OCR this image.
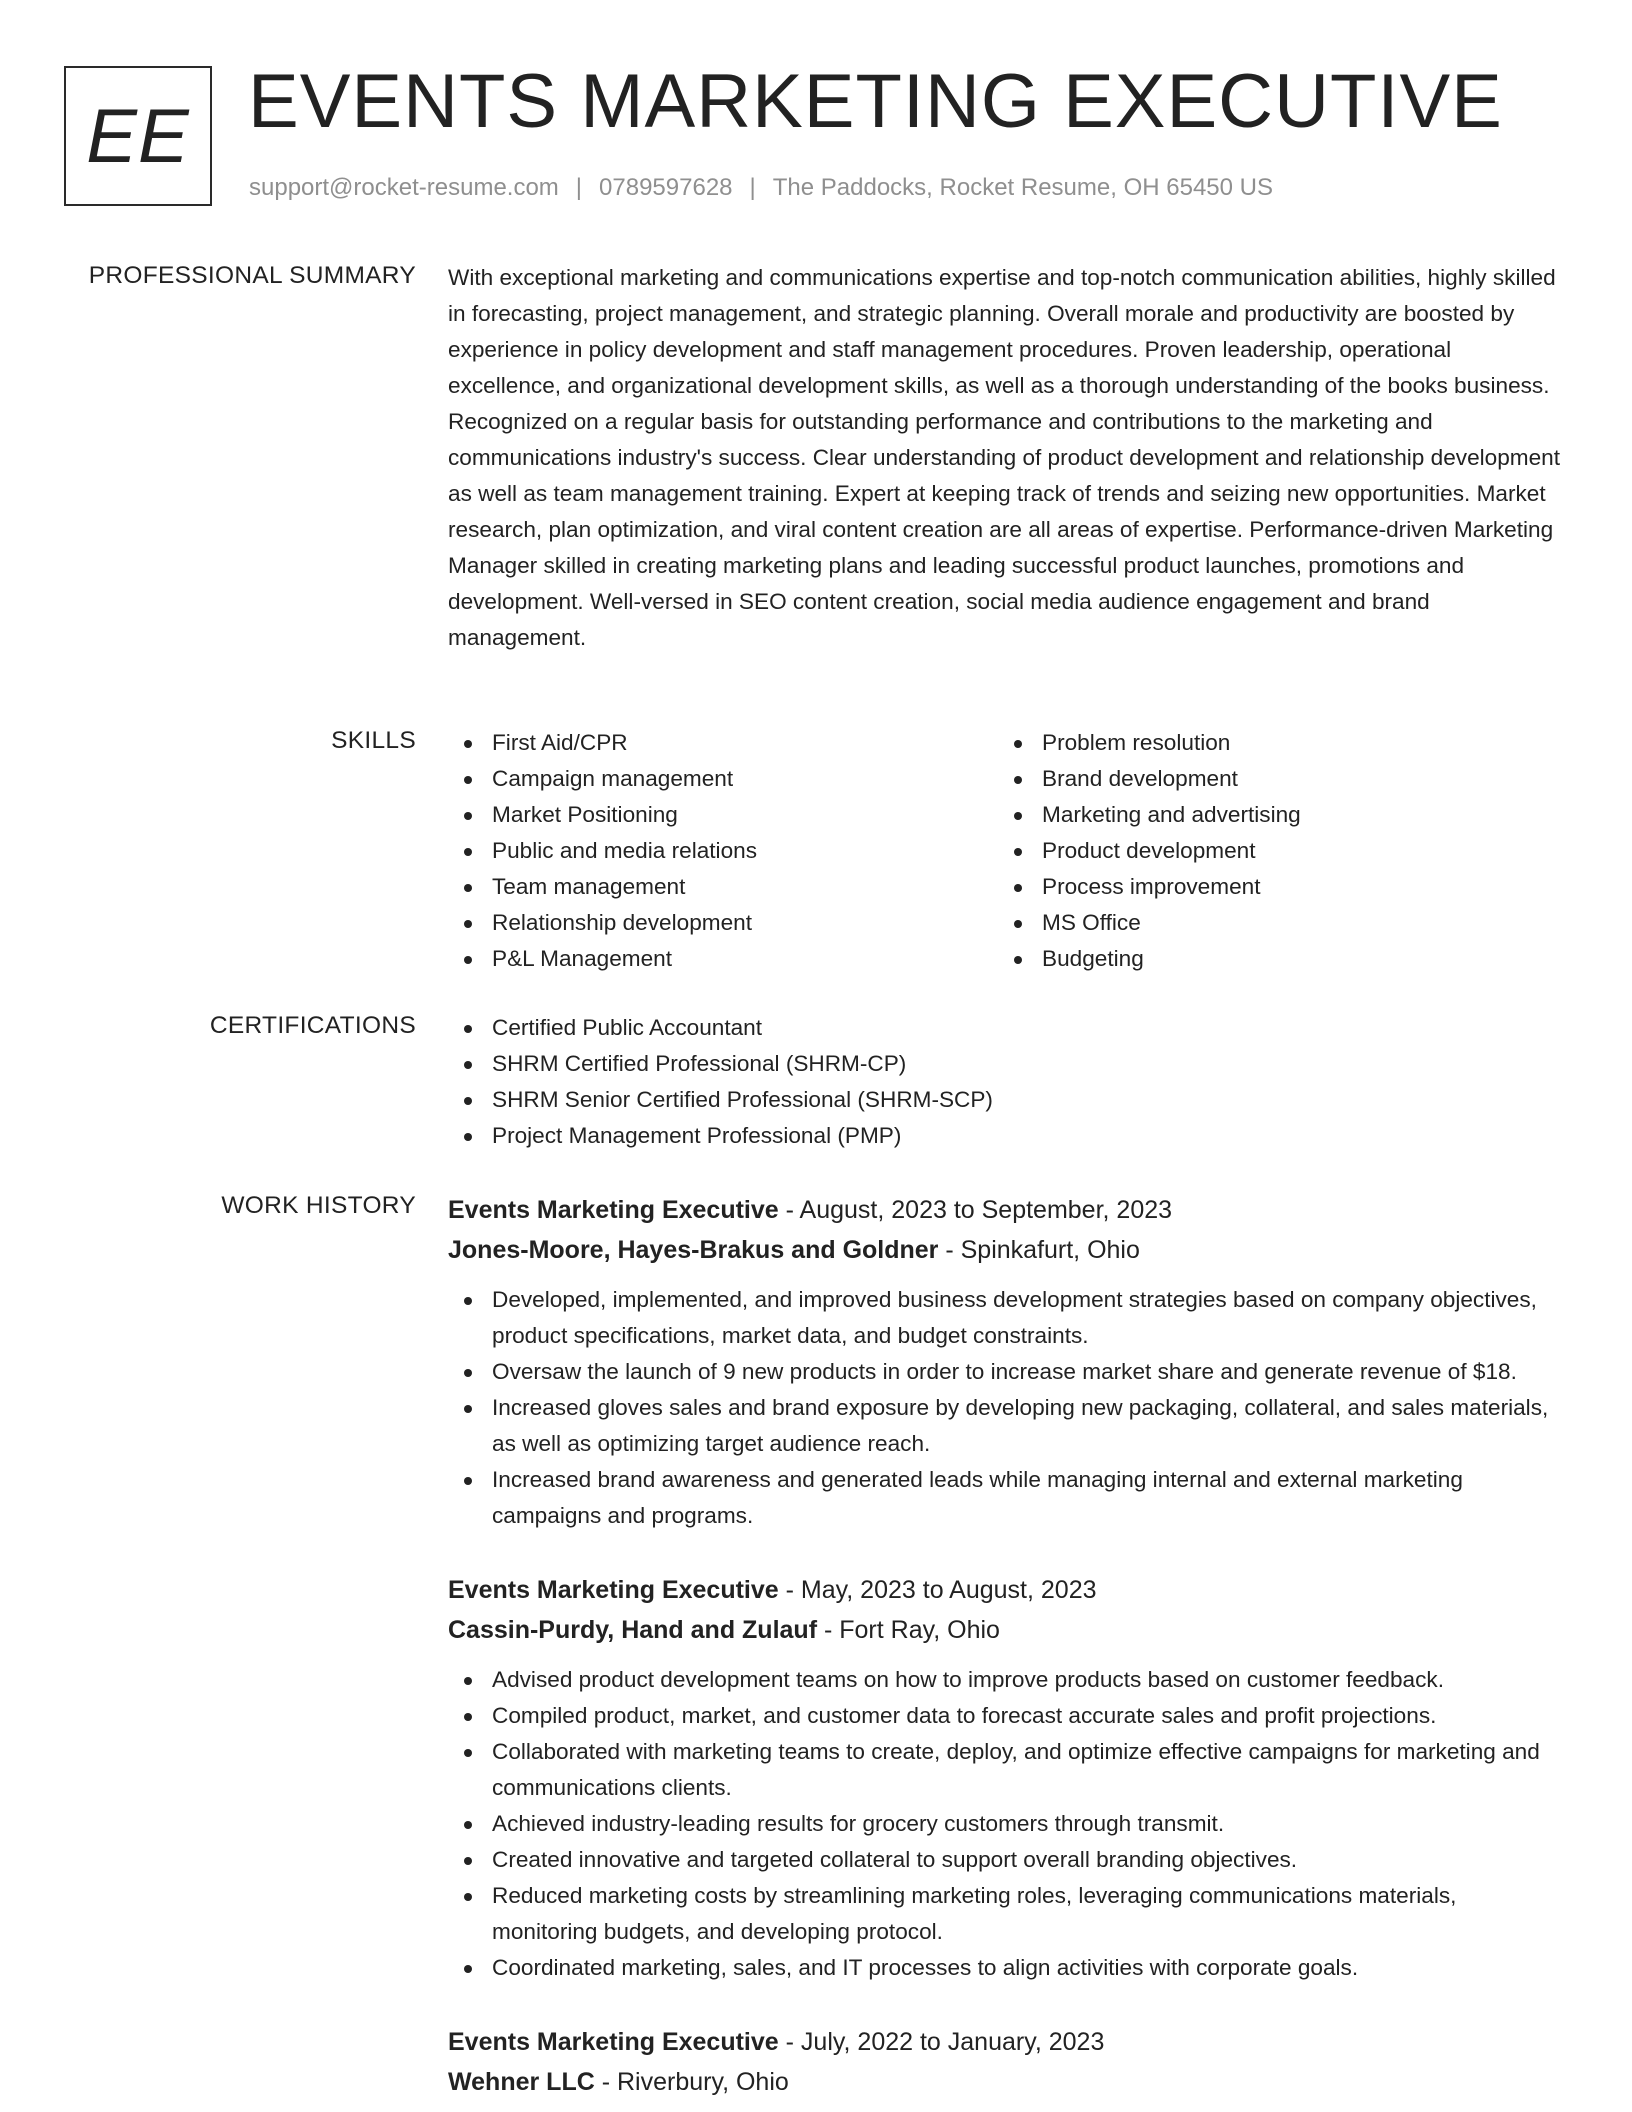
EE EVENTS MARKETING EXECUTIVE
support@rocket-resume.com | 0789597628 | The Paddocks, Rocket Resume, OH 65450 US
PROFESSIONAL SUMMARY With exceptional marketing and communications expertise and top-notch communication abilities, highly skilled in forecasting, project management, and strategic planning. Overall morale and productivity are boosted by experience in policy development and staff management procedures. Proven leadership, operational excellence, and organizational development skills, as well as a thorough understanding of the books business. Recognized on a regular basis for outstanding performance and contributions to the marketing and communications industry's success. Clear understanding of product development and relationship development as well as team management training. Expert at keeping track of trends and seizing new opportunities. Market research, plan optimization, and viral content creation are all areas of expertise. Performance-driven Marketing Manager skilled in creating marketing plans and leading successful product launches, promotions and development. Well-versed in SEO content creation, social media audience engagement and brand management.

SKILLS	First Aid/CPR
Campaign management
Market Positioning
Public and media relations
Team management
Relationship development
P&L Management
Problem resolution
Brand development
Marketing and advertising
Product development
Process improvement
MS Office
Budgeting
CERTIFICATIONS	Certified Public Accountant
SHRM Certified Professional (SHRM-CP)
SHRM Senior Certified Professional (SHRM-SCP)
Project Management Professional (PMP)
WORK HISTORY Events Marketing Executive - August, 2023 to September, 2023
Jones-Moore, Hayes-Brakus and Goldner - Spinkafurt, Ohio
Developed, implemented, and improved business development strategies based on company objectives, product specifications, market data, and budget constraints.
Oversaw the launch of 9 new products in order to increase market share and generate revenue of $18.
Increased gloves sales and brand exposure by developing new packaging, collateral, and sales materials, as well as optimizing target audience reach.
Increased brand awareness and generated leads while managing internal and external marketing campaigns and programs.
Events Marketing Executive - May, 2023 to August, 2023
Cassin-Purdy, Hand and Zulauf - Fort Ray, Ohio
Advised product development teams on how to improve products based on customer feedback.
Compiled product, market, and customer data to forecast accurate sales and profit projections.
Collaborated with marketing teams to create, deploy, and optimize effective campaigns for marketing and communications clients.
Achieved industry-leading results for grocery customers through transmit.
Created innovative and targeted collateral to support overall branding objectives.
Reduced marketing costs by streamlining marketing roles, leveraging communications materials, monitoring budgets, and developing protocol.
Coordinated marketing, sales, and IT processes to align activities with corporate goals.
Events Marketing Executive - July, 2022 to January, 2023
Wehner LLC - Riverbury, Ohio
